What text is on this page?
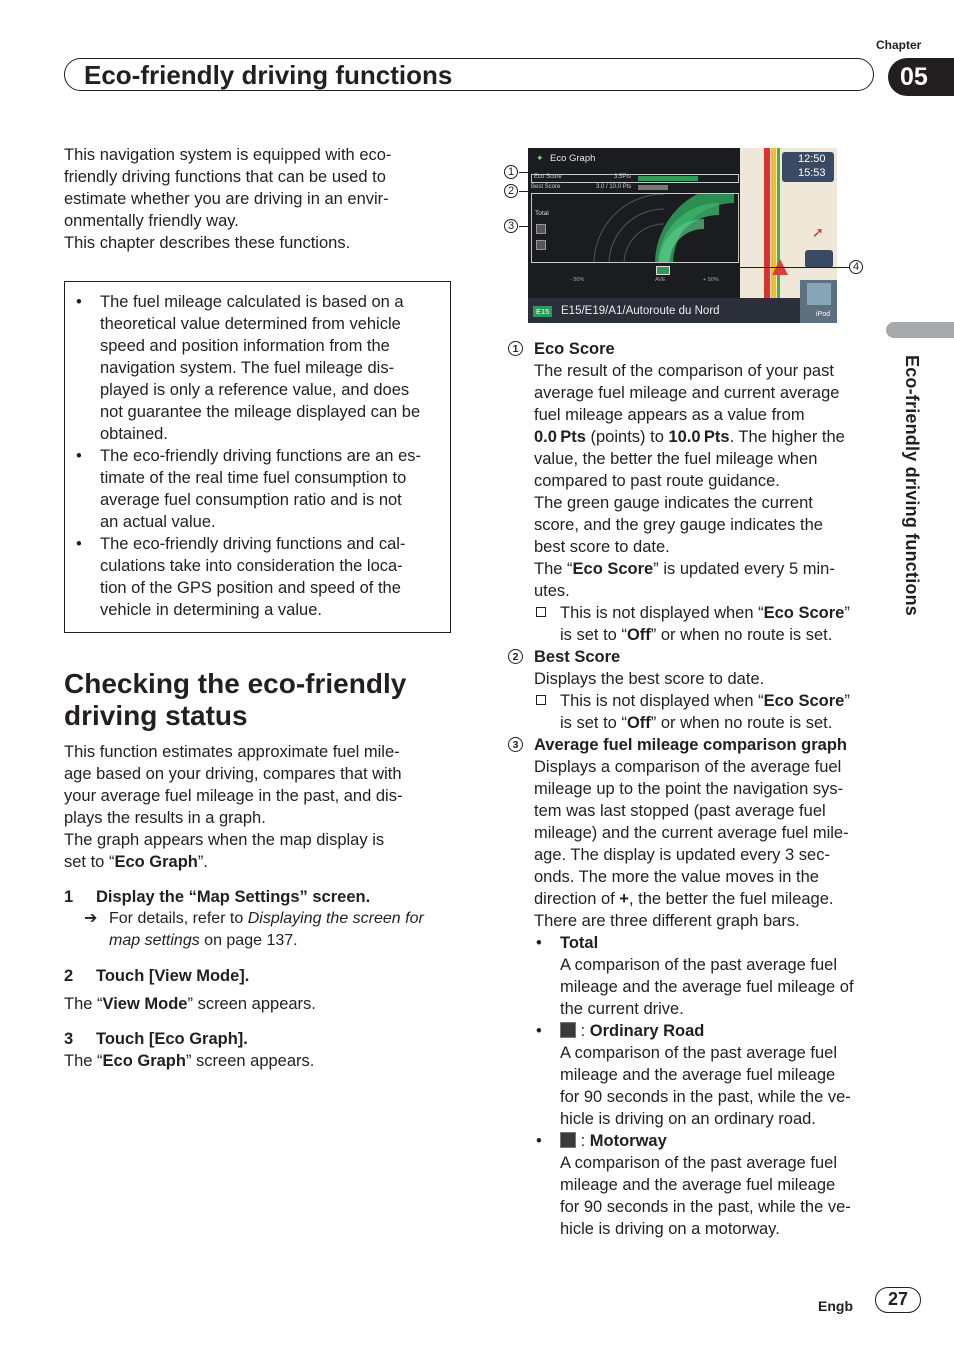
Chapter
Eco-friendly driving functions	05
Eco-friendly driving functions

This navigation system is equipped with eco-

friendly driving functions that can be used to

estimate whether you are driving in an envir-

onmentally friendly way.

This chapter describes these functions.

• The fuel mileage calculated is based on a
theoretical value determined from vehicle
speed and position information from the
navigation system. The fuel mileage dis-
played is only a reference value, and does
not guarantee the mileage displayed can be
obtained.
• The eco-friendly driving functions are an es-
timate of the real time fuel consumption to
average fuel consumption ratio and is not
an actual value.
• The eco-friendly driving functions and cal-
culations take into consideration the loca-
tion of the GPS position and speed of the
vehicle in determining a value.
Checking the eco-friendly
driving status

This function estimates approximate fuel mile-

age based on your driving, compares that with

your average fuel mileage in the past, and dis-

plays the results in a graph.

The graph appears when the map display is

set to “Eco Graph”.

1 Display the “Map Settings” screen.
➔ For details, refer to Displaying the screen for
map settings on page 137.
2 Touch [View Mode].
The “View Mode” screen appears.
3 Touch [Eco Graph].
The “Eco Graph” screen appears.
✦ Eco Graph
Eco Score	3.5Pts
Best Score	3.0 / 10.0 Pts
Total
- 50%	AVE	+ 50%
12:50
15:53
➚
E15 E15/E19/A1/Autoroute du Nord	iPod
1
2
3
4
1 Eco Score
The result of the comparison of your past
average fuel mileage and current average
fuel mileage appears as a value from
0.0 Pts (points) to 10.0 Pts. The higher the
value, the better the fuel mileage when
compared to past route guidance.
The green gauge indicates the current
score, and the grey gauge indicates the
best score to date.
The “Eco Score” is updated every 5 min-
utes.
This is not displayed when “Eco Score”
is set to “Off” or when no route is set.
2 Best Score
Displays the best score to date.
This is not displayed when “Eco Score”
is set to “Off” or when no route is set.
3 Average fuel mileage comparison graph
Displays a comparison of the average fuel
mileage up to the point the navigation sys-
tem was last stopped (past average fuel
mileage) and the current average fuel mile-
age. The display is updated every 3 sec-
onds. The more the value moves in the
direction of +, the better the fuel mileage.
There are three different graph bars.
• Total
A comparison of the past average fuel
mileage and the average fuel mileage of
the current drive.
• : Ordinary Road
A comparison of the past average fuel
mileage and the average fuel mileage
for 90 seconds in the past, while the ve-
hicle is driving on an ordinary road.
• : Motorway
A comparison of the past average fuel
mileage and the average fuel mileage
for 90 seconds in the past, while the ve-
hicle is driving on a motorway.
Engb	27
